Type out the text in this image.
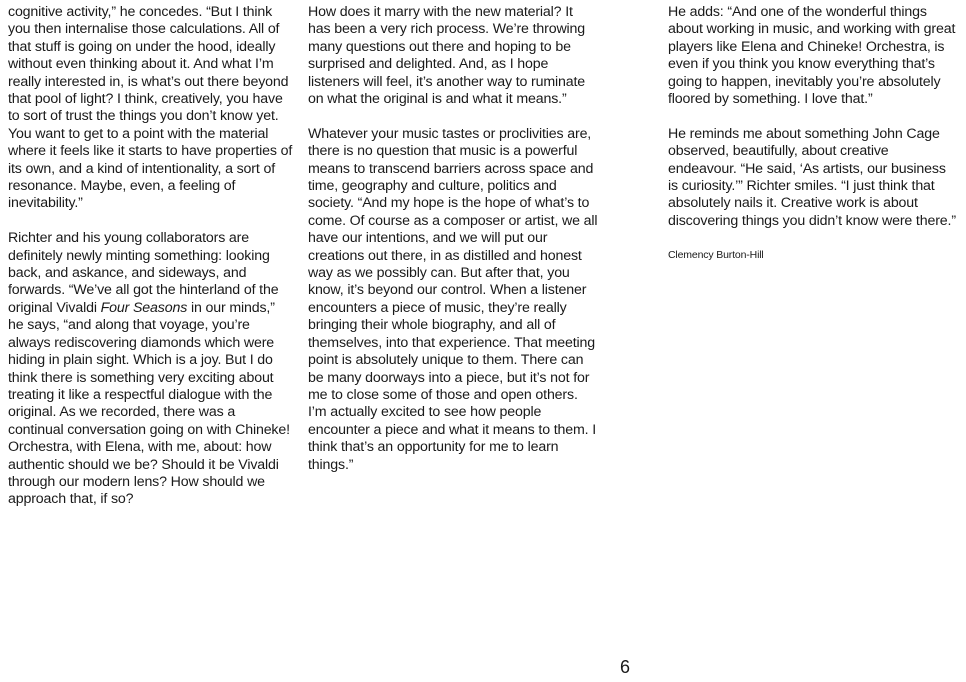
cognitive activity,” he concedes. “But I think you then internalise those calculations. All of that stuff is going on under the hood, ideally without even thinking about it. And what I’m really interested in, is what’s out there beyond that pool of light? I think, creatively, you have to sort of trust the things you don’t know yet. You want to get to a point with the material where it feels like it starts to have properties of its own, and a kind of intentionality, a sort of resonance. Maybe, even, a feeling of inevitability.”

Richter and his young collaborators are definitely newly minting something: looking back, and askance, and sideways, and forwards. “We’ve all got the hinterland of the original Vivaldi Four Seasons in our minds,” he says, “and along that voyage, you’re always rediscovering diamonds which were hiding in plain sight. Which is a joy. But I do think there is something very exciting about treating it like a respectful dialogue with the original. As we recorded, there was a continual conversation going on with Chineke! Orchestra, with Elena, with me, about: how authentic should we be? Should it be Vivaldi through our modern lens? How should we approach that, if so?

How does it marry with the new material? It has been a very rich process. We’re throwing many questions out there and hoping to be surprised and delighted. And, as I hope listeners will feel, it’s another way to ruminate on what the original is and what it means.”

Whatever your music tastes or proclivities are, there is no question that music is a powerful means to transcend barriers across space and time, geography and culture, politics and society. “And my hope is the hope of what’s to come. Of course as a composer or artist, we all have our intentions, and we will put our creations out there, in as distilled and honest way as we possibly can. But after that, you know, it’s beyond our control. When a listener encounters a piece of music, they’re really bringing their whole biography, and all of themselves, into that experience. That meeting point is absolutely unique to them. There can be many doorways into a piece, but it’s not for me to close some of those and open others. I’m actually excited to see how people encounter a piece and what it means to them. I think that’s an opportunity for me to learn things.”

He adds: “And one of the wonderful things about working in music, and working with great players like Elena and Chineke! Orchestra, is even if you think you know everything that’s going to happen, inevitably you’re absolutely floored by something. I love that.”

He reminds me about something John Cage observed, beautifully, about creative endeavour. “He said, ‘As artists, our business is curiosity.’” Richter smiles. “I just think that absolutely nails it. Creative work is about discovering things you didn’t know were there.”

Clemency Burton-Hill
6
